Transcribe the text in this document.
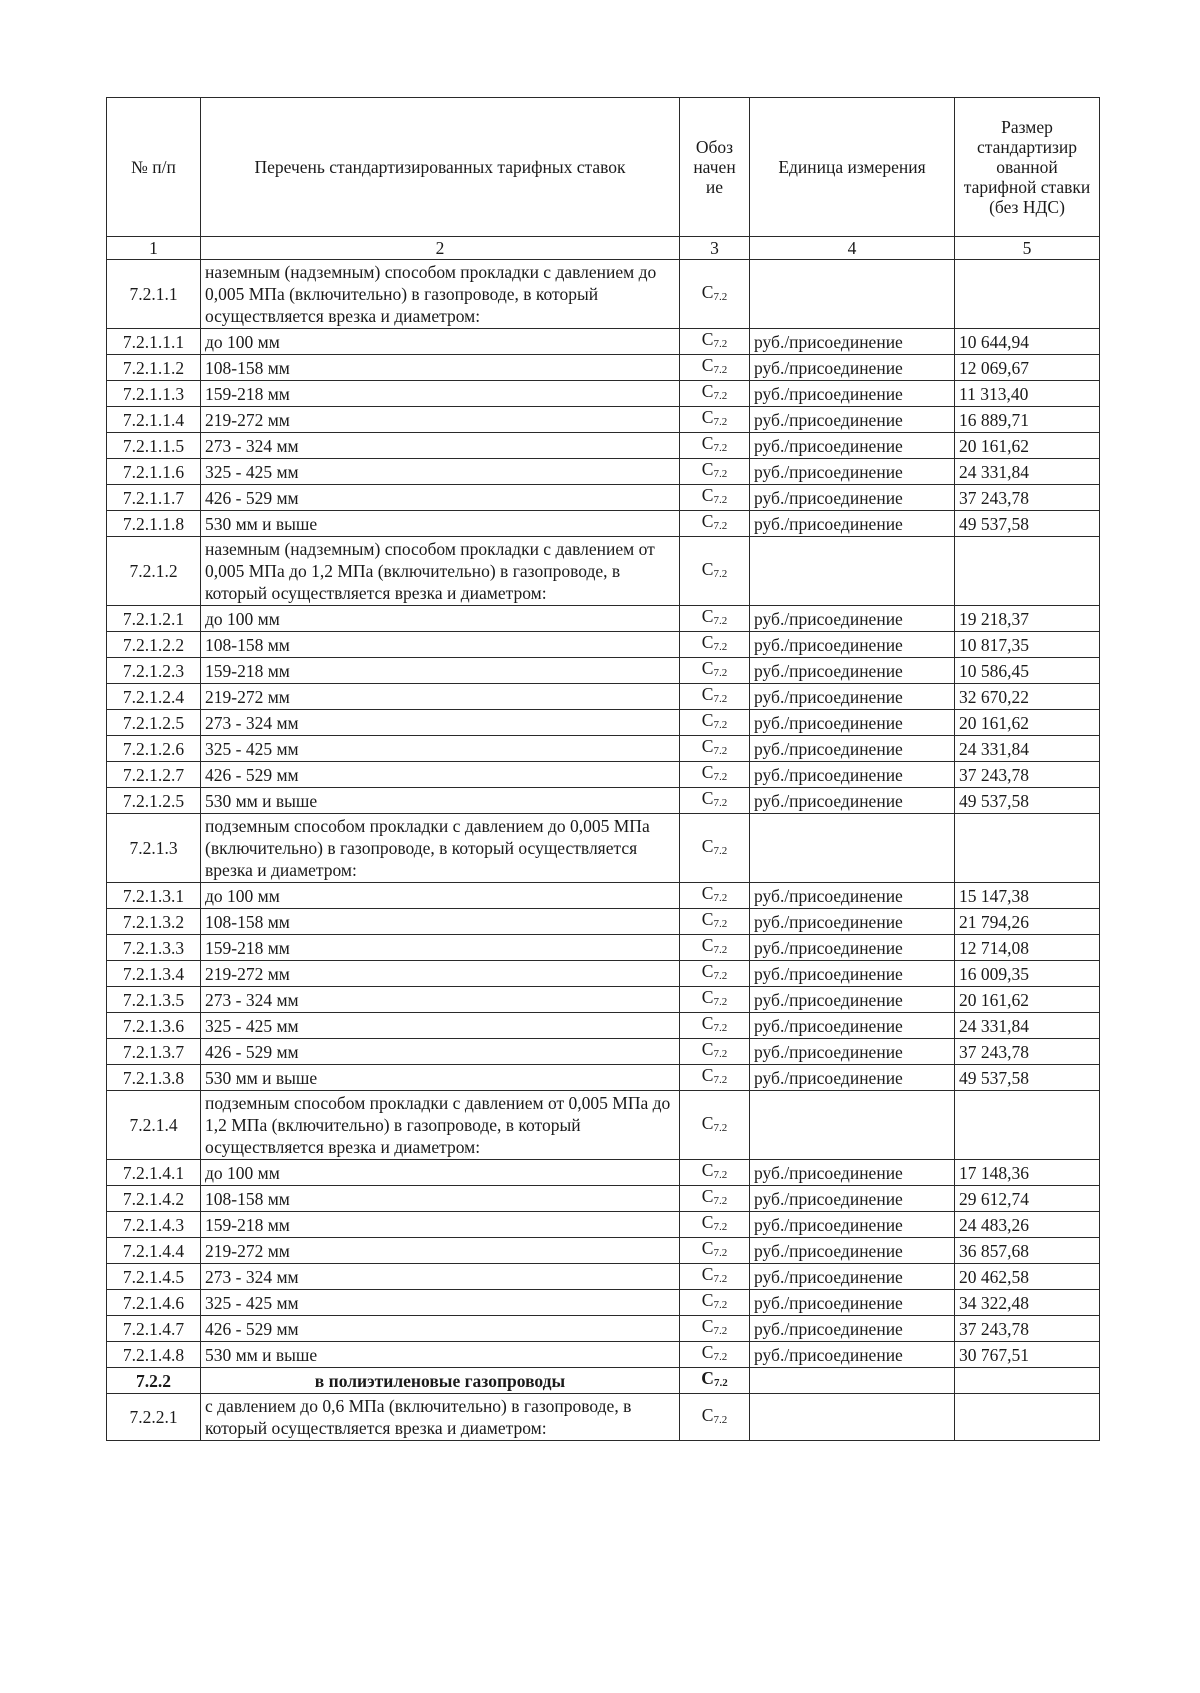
№ п/п	Перечень стандартизированных тарифных ставок	Обоз начен ие	Единица измерения	Размер стандартизир ованной тарифной ставки (без НДС)
1	2	3	4	5
7.2.1.1	наземным (надземным) способом прокладки с давлением до 0,005 МПа (включительно) в газопроводе, в который осуществляется врезка и диаметром:	$С_{7.2}$		
7.2.1.1.1	до 100 мм	$С_{7.2}$	руб./присоединение	10 644,94
7.2.1.1.2	108-158 мм	$С_{7.2}$	руб./присоединение	12 069,67
7.2.1.1.3	159-218 мм	$С_{7.2}$	руб./присоединение	11 313,40
7.2.1.1.4	219-272 мм	$С_{7.2}$	руб./присоединение	16 889,71
7.2.1.1.5	273 - 324 мм	$С_{7.2}$	руб./присоединение	20 161,62
7.2.1.1.6	325 - 425 мм	$С_{7.2}$	руб./присоединение	24 331,84
7.2.1.1.7	426 - 529 мм	$С_{7.2}$	руб./присоединение	37 243,78
7.2.1.1.8	530 мм и выше	$С_{7.2}$	руб./присоединение	49 537,58
7.2.1.2	наземным (надземным) способом прокладки с давлением от 0,005 МПа до 1,2 МПа (включительно) в газопроводе, в который осуществляется врезка и диаметром:	$С_{7.2}$		
7.2.1.2.1	до 100 мм	$С_{7.2}$	руб./присоединение	19 218,37
7.2.1.2.2	108-158 мм	$С_{7.2}$	руб./присоединение	10 817,35
7.2.1.2.3	159-218 мм	$С_{7.2}$	руб./присоединение	10 586,45
7.2.1.2.4	219-272 мм	$С_{7.2}$	руб./присоединение	32 670,22
7.2.1.2.5	273 - 324 мм	$С_{7.2}$	руб./присоединение	20 161,62
7.2.1.2.6	325 - 425 мм	$С_{7.2}$	руб./присоединение	24 331,84
7.2.1.2.7	426 - 529 мм	$С_{7.2}$	руб./присоединение	37 243,78
7.2.1.2.5	530 мм и выше	$С_{7.2}$	руб./присоединение	49 537,58
7.2.1.3	подземным способом прокладки с давлением до 0,005 МПа (включительно) в газопроводе, в который осуществляется врезка и диаметром:	$С_{7.2}$		
7.2.1.3.1	до 100 мм	$С_{7.2}$	руб./присоединение	15 147,38
7.2.1.3.2	108-158 мм	$С_{7.2}$	руб./присоединение	21 794,26
7.2.1.3.3	159-218 мм	$С_{7.2}$	руб./присоединение	12 714,08
7.2.1.3.4	219-272 мм	$С_{7.2}$	руб./присоединение	16 009,35
7.2.1.3.5	273 - 324 мм	$С_{7.2}$	руб./присоединение	20 161,62
7.2.1.3.6	325 - 425 мм	$С_{7.2}$	руб./присоединение	24 331,84
7.2.1.3.7	426 - 529 мм	$С_{7.2}$	руб./присоединение	37 243,78
7.2.1.3.8	530 мм и выше	$С_{7.2}$	руб./присоединение	49 537,58
7.2.1.4	подземным способом прокладки с давлением от 0,005 МПа до 1,2 МПа (включительно) в газопроводе, в который осуществляется врезка и диаметром:	$С_{7.2}$		
7.2.1.4.1	до 100 мм	$С_{7.2}$	руб./присоединение	17 148,36
7.2.1.4.2	108-158 мм	$С_{7.2}$	руб./присоединение	29 612,74
7.2.1.4.3	159-218 мм	$С_{7.2}$	руб./присоединение	24 483,26
7.2.1.4.4	219-272 мм	$С_{7.2}$	руб./присоединение	36 857,68
7.2.1.4.5	273 - 324 мм	$С_{7.2}$	руб./присоединение	20 462,58
7.2.1.4.6	325 - 425 мм	$С_{7.2}$	руб./присоединение	34 322,48
7.2.1.4.7	426 - 529 мм	$С_{7.2}$	руб./присоединение	37 243,78
7.2.1.4.8	530 мм и выше	$С_{7.2}$	руб./присоединение	30 767,51
7.2.2	в полиэтиленовые газопроводы	$С_{7.2}$		
7.2.2.1	с давлением до 0,6 МПа (включительно) в газопроводе, в который осуществляется врезка и диаметром:	$С_{7.2}$		
